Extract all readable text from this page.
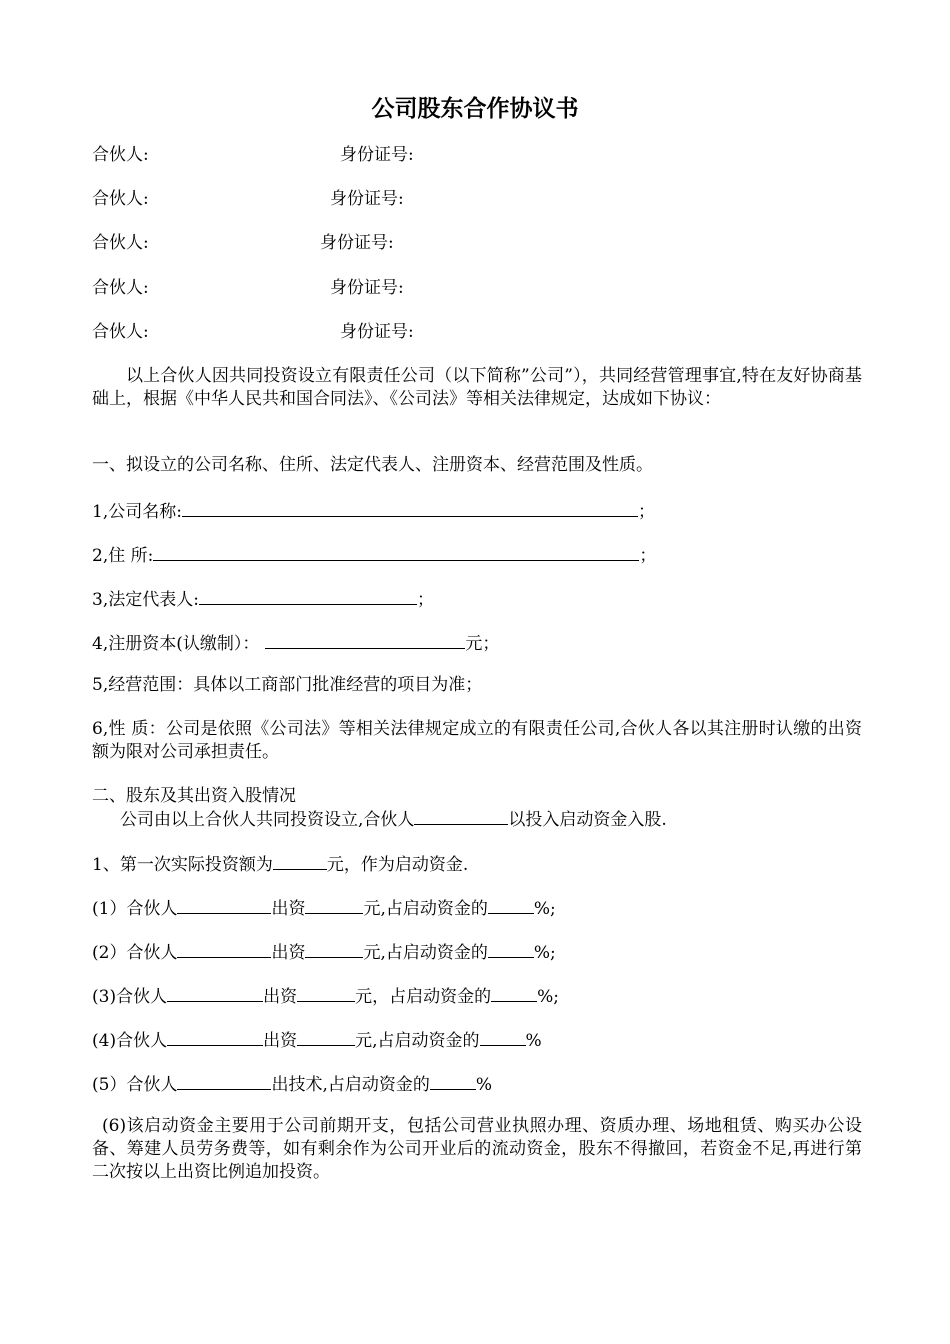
公司股东合作协议书
合伙人:	身份证号:
合伙人:	身份证号:
合伙人:	身份证号:
合伙人:	身份证号:
合伙人:	身份证号:
以上合伙人因共同投资设立有限责任公司（以下简称”公司”），共同经营管理事宜,特在友好协商基础上，根据《中华人民共和国合同法》、《公司法》等相关法律规定，达成如下协议：
一、拟设立的公司名称、住所、法定代表人、注册资本、经营范围及性质。
1,公司名称:	；
2,住 所:	；
3,法定代表人:	；
4,注册资本(认缴制）：	元；
5,经营范围：具体以工商部门批准经营的项目为准；
6,性 质：公司是依照《公司法》等相关法律规定成立的有限责任公司,合伙人各以其注册时认缴的出资额为限对公司承担责任。
二、股东及其出资入股情况
公司由以上合伙人共同投资设立,合伙人	以投入启动资金入股.
1、第一次实际投资额为	元，作为启动资金.
(1）合伙人	出资	元,占启动资金的	%;
(2）合伙人	出资	元,占启动资金的	%;
(3)合伙人	出资	元，占启动资金的	%;
(4)合伙人	出资	元,占启动资金的	%
(5）合伙人	出技术,占启动资金的	%
(6)该启动资金主要用于公司前期开支，包括公司营业执照办理、资质办理、场地租赁、购买办公设备、筹建人员劳务费等，如有剩余作为公司开业后的流动资金，股东不得撤回，若资金不足,再进行第二次按以上出资比例追加投资。
